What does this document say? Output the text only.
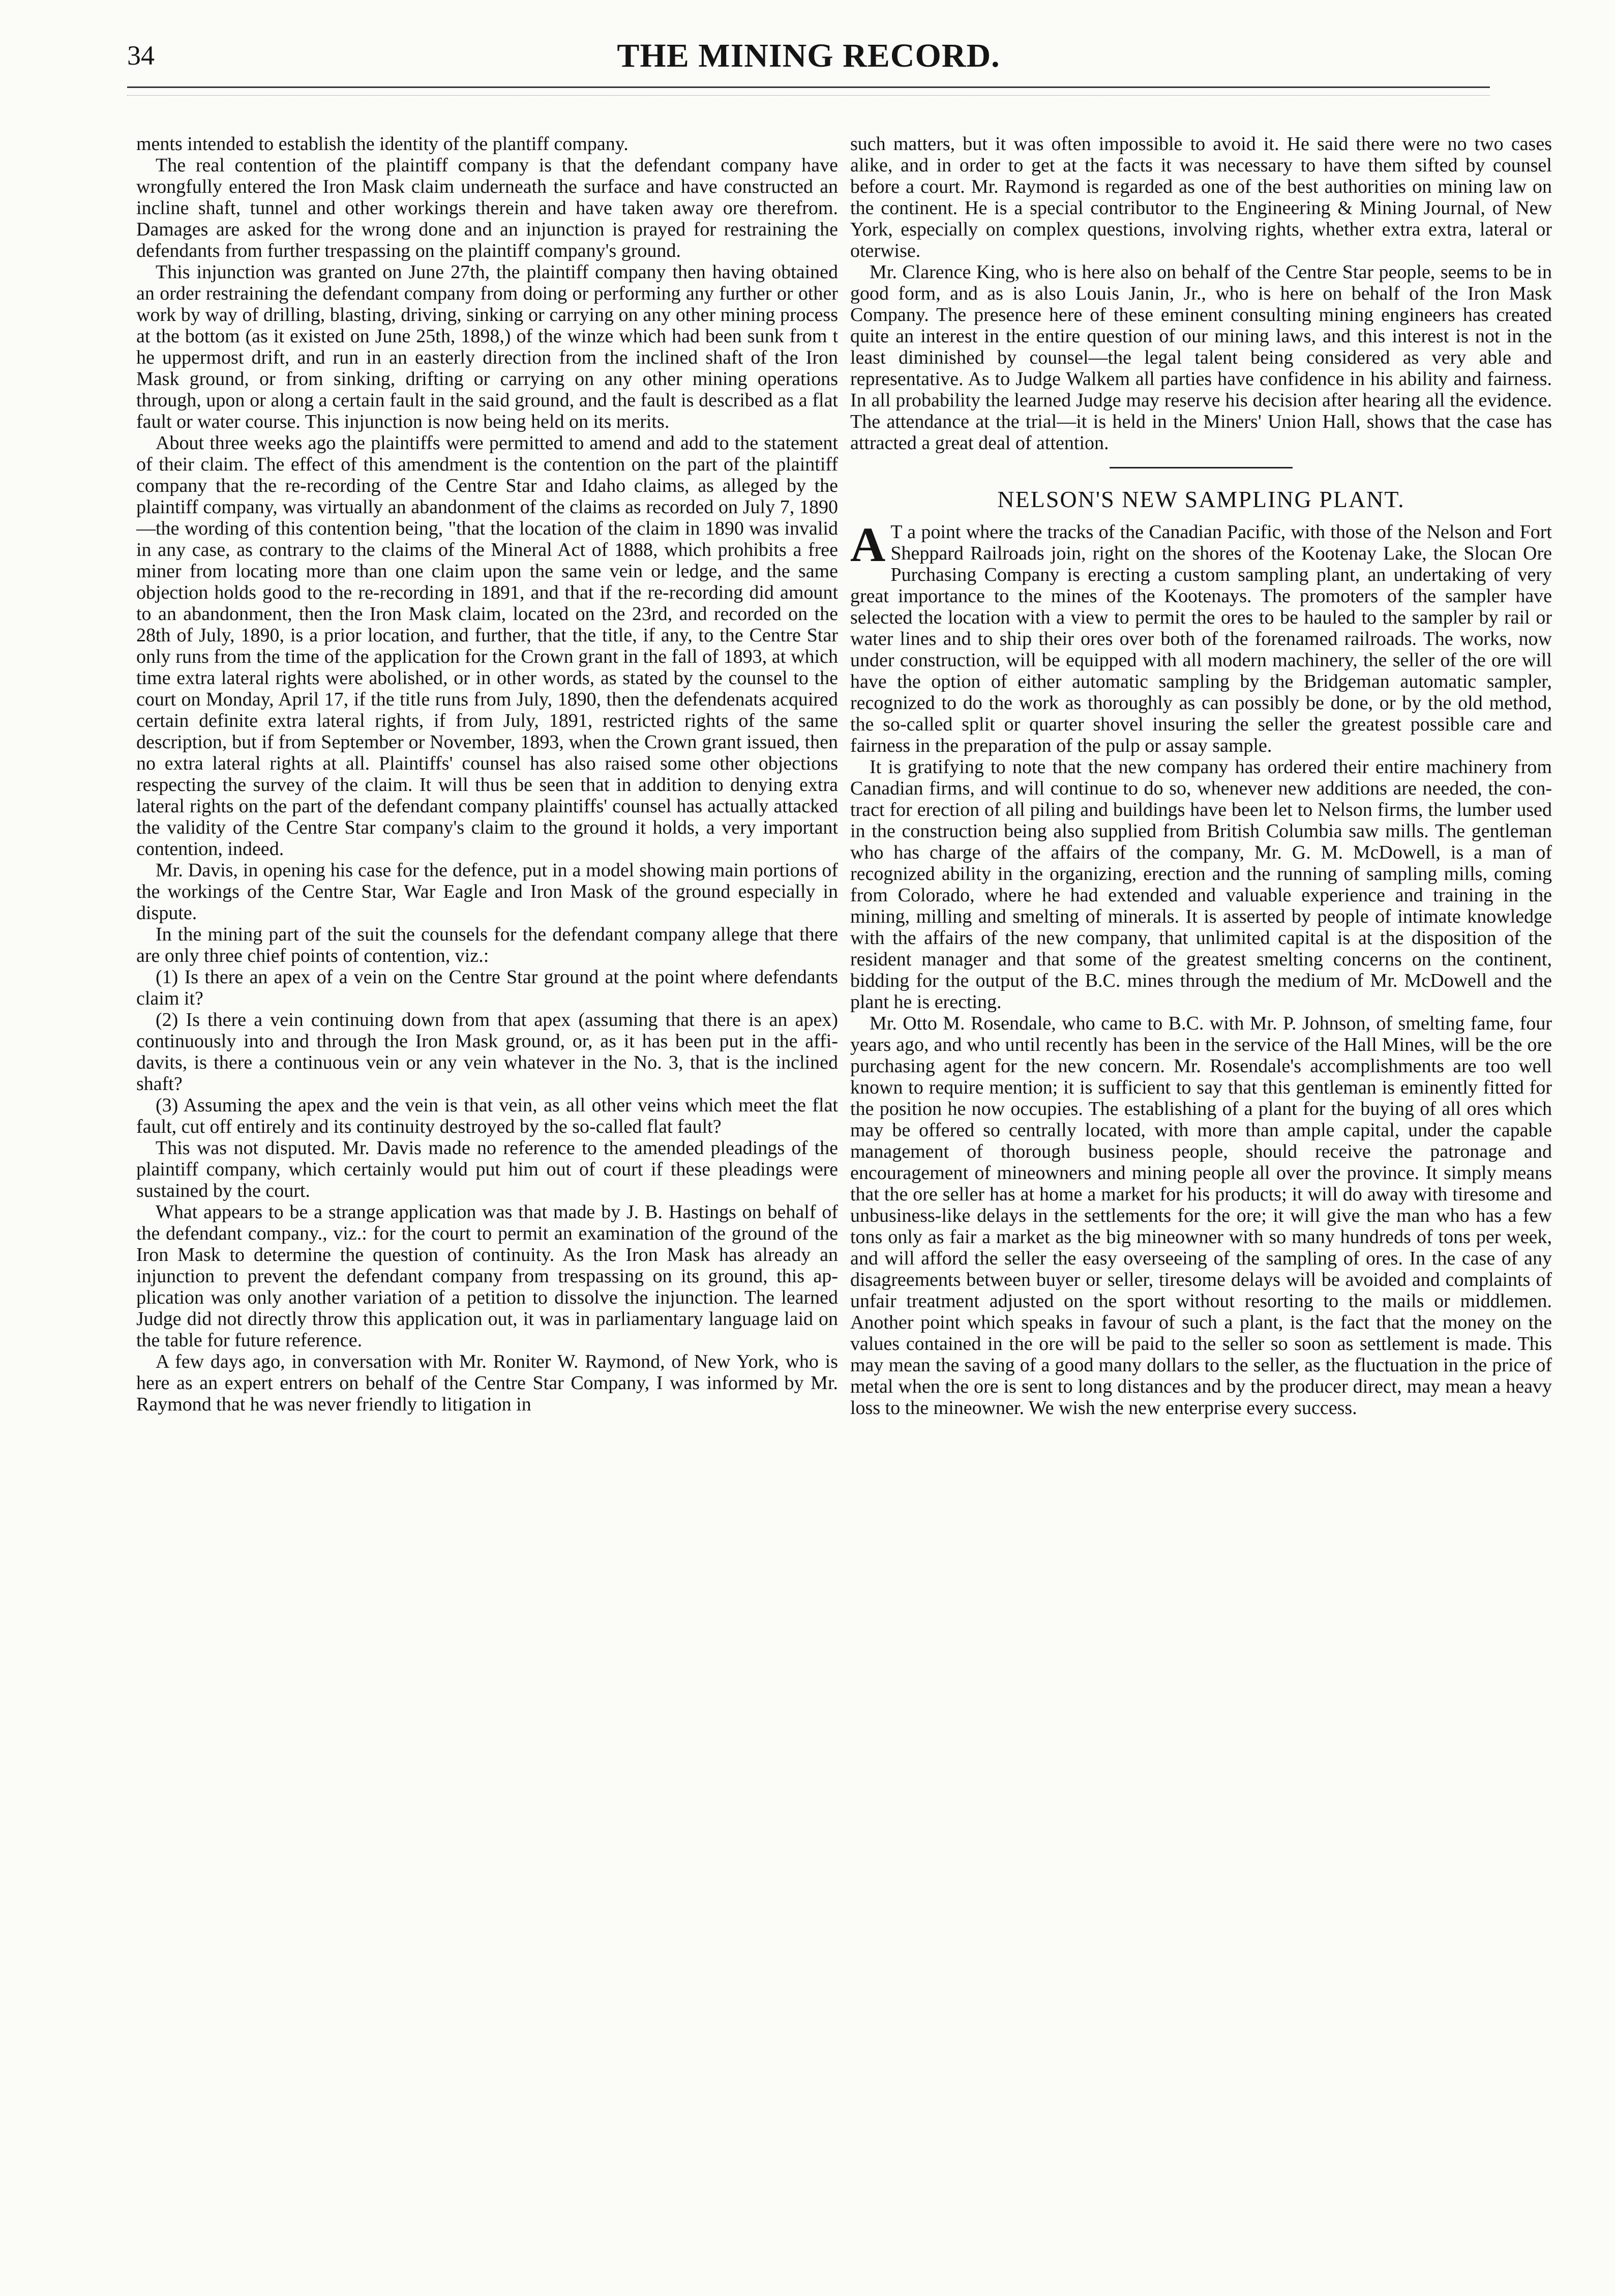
34	THE MINING RECORD.

ments intended to establish the identity of the plantiff company.

The real contention of the plaintiff company is that the defendant company have wrongfully entered the Iron Mask claim underneath the surface and have constructed an incline shaft, tunnel and other workings therein and have taken away ore therefrom. Damages are asked for the wrong done and an injunction is prayed for restraining the defendants from further trespassing on the plaintiff company's ground.

This injunction was granted on June 27th, the plaintiff company then having obtained an order restraining the defendant company from doing or performing any further or other work by way of drilling, blasting, driving, sinking or carrying on any other mining process at the bottom (as it existed on June 25th, 1898,) of the winze which had been sunk from t he uppermost drift, and run in an easterly direction from the inclined shaft of the Iron Mask ground, or from sinking, drifting or carrying on any other mining operations through, upon or along a certain fault in the said ground, and the fault is described as a flat fault or water course. This injunction is now being held on its merits.

About three weeks ago the plaintiffs were permitted to amend and add to the statement of their claim. The effect of this amendment is the contention on the part of the plaintiff company that the re-recording of the Centre Star and Idaho claims, as alleged by the plaintiff company, was virtually an abandonment of the claims as recorded on July 7, 1890—the wording of this contention being, "that the location of the claim in 1890 was invalid in any case, as contrary to the claims of the Mineral Act of 1888, which prohibits a free miner from locating more than one claim upon the same vein or ledge, and the same objection holds good to the re-recording in 1891, and that if the re-recording did amount to an abandonment, then the Iron Mask claim, located on the 23rd, and recorded on the 28th of July, 1890, is a prior location, and further, that the title, if any, to the Centre Star only runs from the time of the application for the Crown grant in the fall of 1893, at which time extra lateral rights were abolished, or in other words, as stated by the counsel to the court on Monday, April 17, if the title runs from July, 1890, then the defendenats acquired certain definite extra lateral rights, if from July, 1891, restricted rights of the same description, but if from September or November, 1893, when the Crown grant issued, then no extra lateral rights at all. Plaintiffs' counsel has also raised some other objections respecting the survey of the claim. It will thus be seen that in addition to denying extra lateral rights on the part of the defendant company plaintiffs' counsel has actually attacked the validity of the Centre Star company's claim to the ground it holds, a very important contention, indeed.

Mr. Davis, in opening his case for the defence, put in a model showing main portions of the workings of the Centre Star, War Eagle and Iron Mask of the ground especially in dispute.

In the mining part of the suit the counsels for the defendant company allege that there are only three chief points of contention, viz.:

(1) Is there an apex of a vein on the Centre Star ground at the point where defendants claim it?

(2) Is there a vein continuing down from that apex (assuming that there is an apex) continuously into and through the Iron Mask ground, or, as it has been put in the affidavits, is there a continuous vein or any vein whatever in the No. 3, that is the inclined shaft?

(3) Assuming the apex and the vein is that vein, as all other veins which meet the flat fault, cut off entirely and its continuity destroyed by the so-called flat fault?

This was not disputed. Mr. Davis made no reference to the amended pleadings of the plaintiff company, which certainly would put him out of court if these pleadings were sustained by the court.

What appears to be a strange application was that made by J. B. Hastings on behalf of the defendant company., viz.: for the court to permit an examination of the ground of the Iron Mask to determine the question of continuity. As the Iron Mask has already an injunction to prevent the defendant company from trespassing on its ground, this application was only another variation of a petition to dissolve the injunction. The learned Judge did not directly throw this application out, it was in parliamentary language laid on the table for future reference.

A few days ago, in conversation with Mr. Roniter W. Raymond, of New York, who is here as an expert entrers on behalf of the Centre Star Company, I was informed by Mr. Raymond that he was never friendly to litigation in

such matters, but it was often impossible to avoid it. He said there were no two cases alike, and in order to get at the facts it was necessary to have them sifted by counsel before a court. Mr. Raymond is regarded as one of the best authorities on mining law on the continent. He is a special contributor to the Engineering & Mining Journal, of New York, especially on complex questions, involving rights, whether extra extra, lateral or oterwise.

Mr. Clarence King, who is here also on behalf of the Centre Star people, seems to be in good form, and as is also Louis Janin, Jr., who is here on behalf of the Iron Mask Company. The presence here of these eminent consulting mining engineers has created quite an interest in the entire question of our mining laws, and this interest is not in the least diminished by counsel—the legal talent being considered as very able and representative. As to Judge Walkem all parties have confidence in his ability and fairness. In all probability the learned Judge may reserve his decision after hearing all the evidence. The attendance at the trial—it is held in the Miners' Union Hall, shows that the case has attracted a great deal of attention.

NELSON'S NEW SAMPLING PLANT.

A T a point where the tracks of the Canadian Pacific, with those of the Nelson and Fort Sheppard Railroads join, right on the shores of the Kootenay Lake, the Slocan Ore Purchasing Company is erecting a custom sampling plant, an undertaking of very great importance to the mines of the Kootenays. The promoters of the sampler have selected the location with a view to permit the ores to be hauled to the sampler by rail or water lines and to ship their ores over both of the forenamed railroads. The works, now under construction, will be equipped with all modern machinery, the seller of the ore will have the option of either automatic sampling by the Bridgeman automatic sampler, recognized to do the work as thoroughly as can possibly be done, or by the old method, the so-called split or quarter shovel insuring the seller the greatest possible care and fairness in the preparation of the pulp or assay sample.

It is gratifying to note that the new company has ordered their entire machinery from Canadian firms, and will continue to do so, whenever new additions are needed, the contract for erection of all piling and buildings have been let to Nelson firms, the lumber used in the construction being also supplied from British Columbia saw mills. The gentleman who has charge of the affairs of the company, Mr. G. M. McDowell, is a man of recognized ability in the organizing, erection and the running of sampling mills, coming from Colorado, where he had extended and valuable experience and training in the mining, milling and smelting of minerals. It is asserted by people of intimate knowledge with the affairs of the new company, that unlimited capital is at the disposition of the resident manager and that some of the greatest smelting concerns on the continent, bidding for the output of the B.C. mines through the medium of Mr. McDowell and the plant he is erecting.

Mr. Otto M. Rosendale, who came to B.C. with Mr. P. Johnson, of smelting fame, four years ago, and who until recently has been in the service of the Hall Mines, will be the ore purchasing agent for the new concern. Mr. Rosendale's accomplishments are too well known to require mention; it is sufficient to say that this gentleman is eminently fitted for the position he now occupies. The establishing of a plant for the buying of all ores which may be offered so centrally located, with more than ample capital, under the capable management of thorough business people, should receive the patronage and encouragement of mineowners and mining people all over the province. It simply means that the ore seller has at home a market for his products; it will do away with tiresome and unbusiness-like delays in the settlements for the ore; it will give the man who has a few tons only as fair a market as the big mineowner with so many hundreds of tons per week, and will afford the seller the easy overseeing of the sampling of ores. In the case of any disagreements between buyer or seller, tiresome delays will be avoided and complaints of unfair treatment adjusted on the sport without resorting to the mails or middlemen. Another point which speaks in favour of such a plant, is the fact that the money on the values contained in the ore will be paid to the seller so soon as settlement is made. This may mean the saving of a good many dollars to the seller, as the fluctuation in the price of metal when the ore is sent to long distances and by the producer direct, may mean a heavy loss to the mineowner. We wish the new enterprise every success.
